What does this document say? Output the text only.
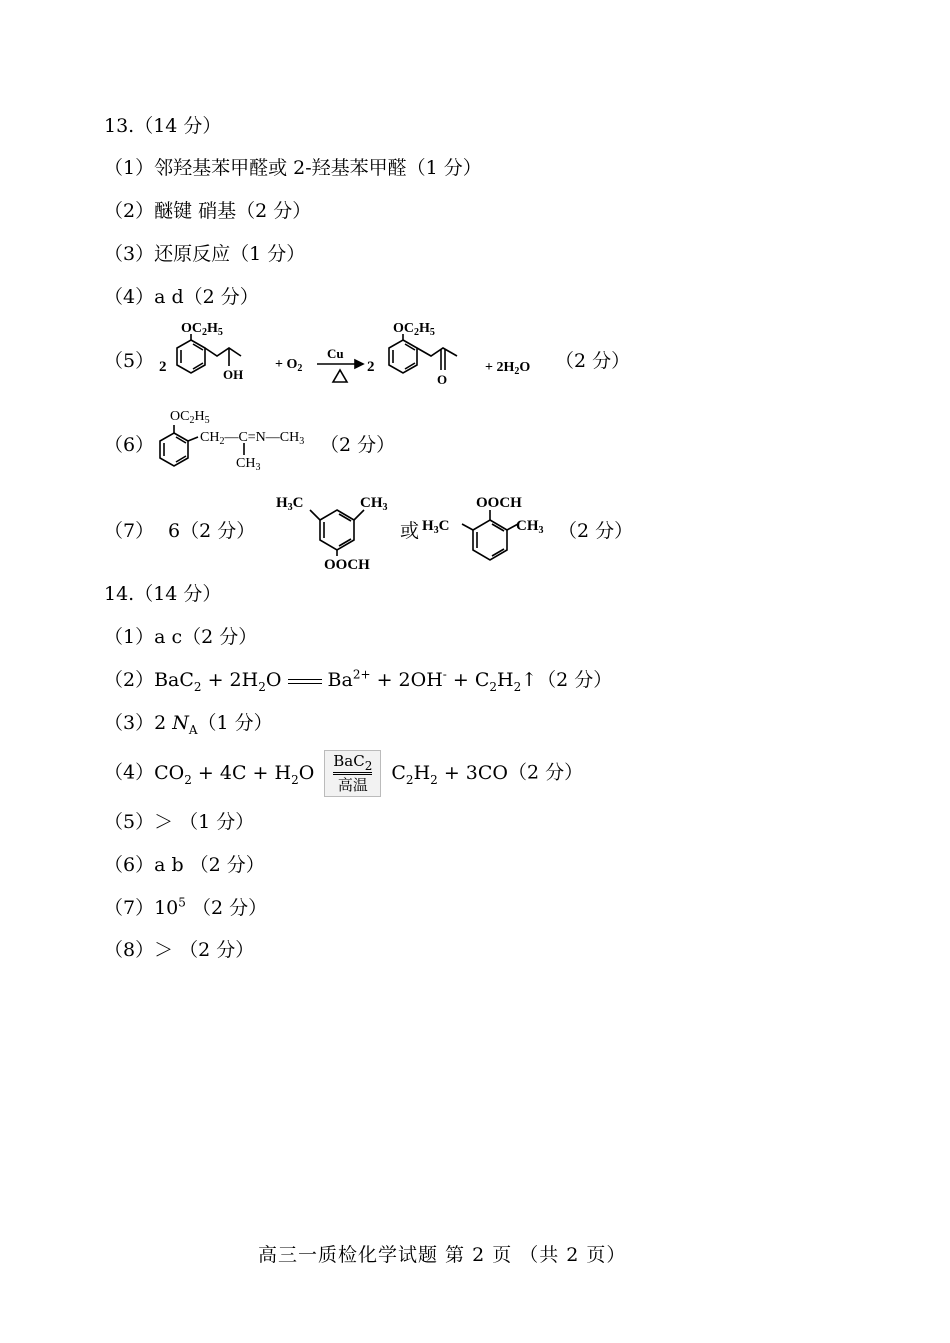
13.（14 分）
（1）邻羟基苯甲醛或 2-羟基苯甲醛（1 分）
（2）醚键 硝基（2 分）
（3）还原反应（1 分）
（4）a d（2 分）
（5） 2
$OC_2H_5$
OH
+ $O_2$
Cu
2
$OC_2H_5$
O
+ $2H_2O$ （2 分）
（6）
$OC_2H_5$
$CH_2—C=N—CH_3$
$CH_3$
（2 分）
（7） 6（2 分）
$H_3C$	$CH_3$
OOCH
或
OOCH
$H_3C$	$CH_3$ （2 分）
14.（14 分）
（1）a c（2 分）
$(2)BaC_2 + 2H_2O$  $Ba^{2+} + 2OH^-$ + $C_2H_2↑(2$ 分）
（3）2 $N_A(1$ 分）
$(4)CO_2 + 4C + H_2O$
BaC$_2$
高温
$C_2H_2 + 3CO(2$ 分）
（5）＞ （1 分）
（6）a b （2 分）
$(7)10^5$ （2 分）
（8）＞ （2 分）
高三一质检化学试题 第 2 页 （共 2 页）
